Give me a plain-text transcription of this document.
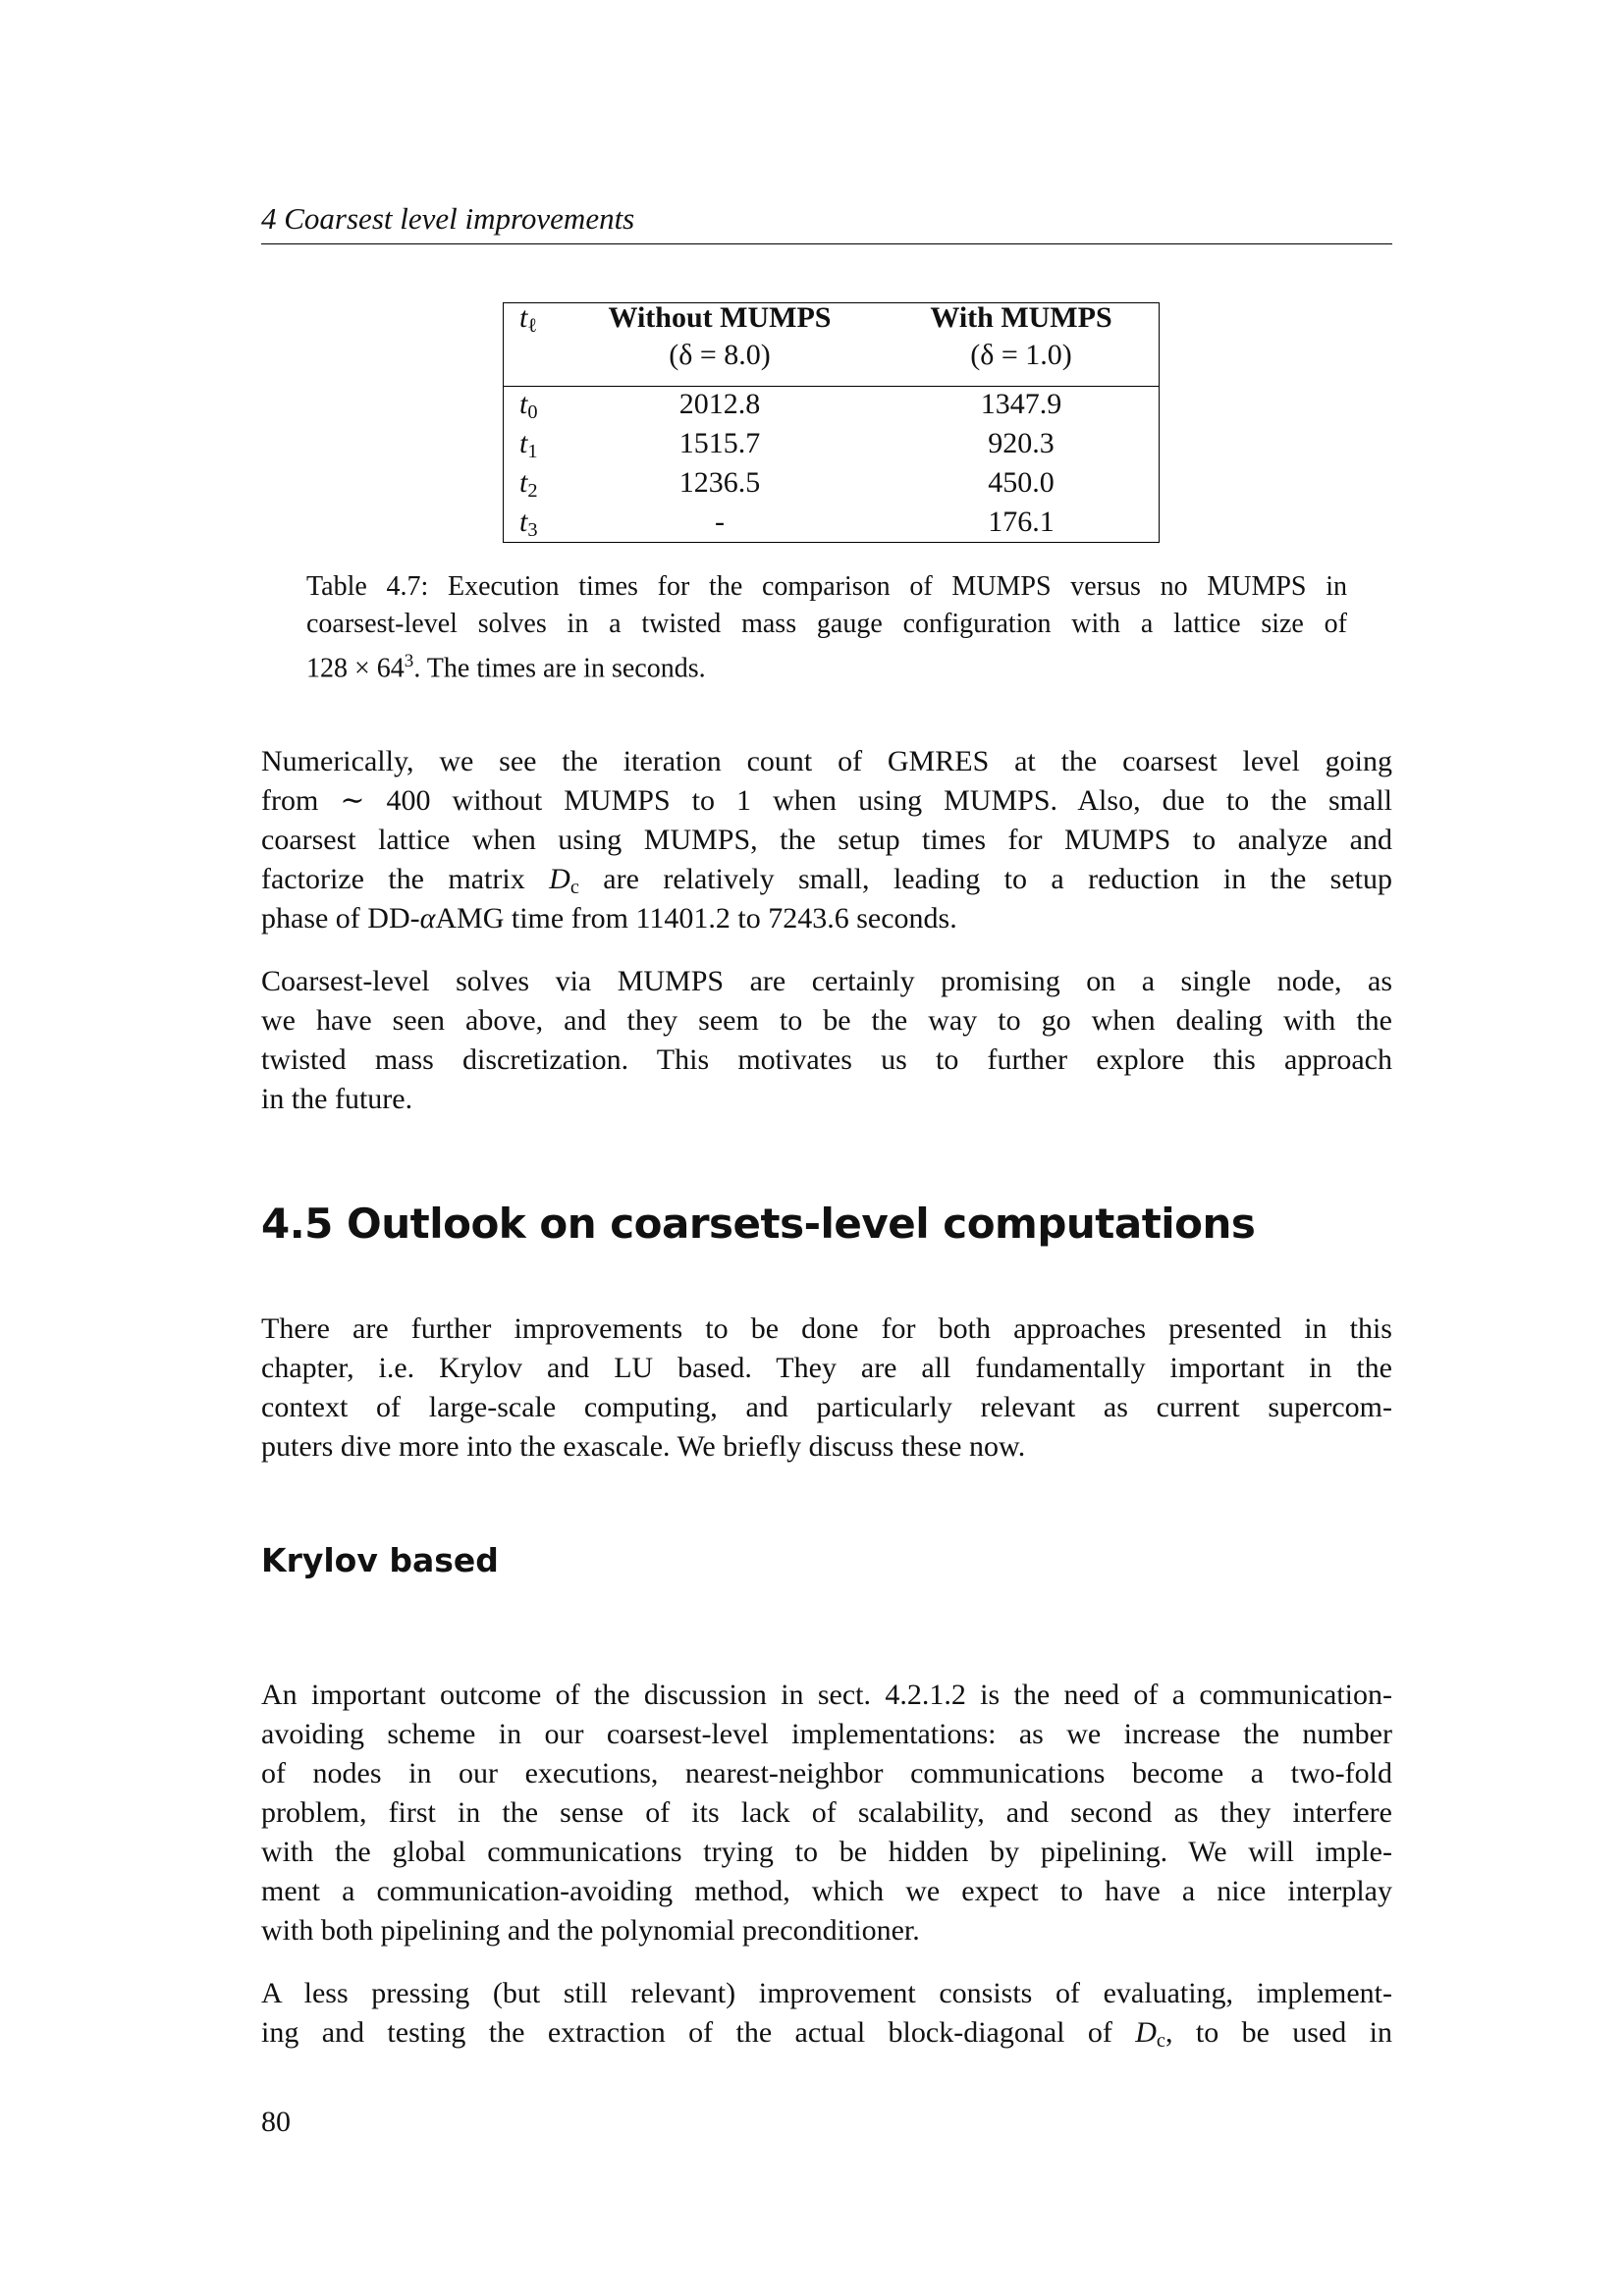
4 Coarsest level improvements
$t_\ell$	Without MUMPS	With MUMPS
(δ = 8.0)	(δ = 1.0)
$t_0$	2012.8	1347.9
$t_1$	1515.7	920.3
$t_2$	1236.5	450.0
$t_3$	-	176.1
Table 4.7: Execution times for the comparison of MUMPS versus no MUMPS in
coarsest-level solves in a twisted mass gauge configuration with a lattice size of
$128 \times 64^3$. The times are in seconds.
Numerically, we see the iteration count of GMRES at the coarsest level going
from ∼ 400 without MUMPS to 1 when using MUMPS. Also, due to the small
coarsest lattice when using MUMPS, the setup times for MUMPS to analyze and
factorize the matrix $D_c$ are relatively small, leading to a reduction in the setup
phase of DD-αAMG time from 11401.2 to 7243.6 seconds.
Coarsest-level solves via MUMPS are certainly promising on a single node, as
we have seen above, and they seem to be the way to go when dealing with the
twisted mass discretization. This motivates us to further explore this approach
in the future.
4.5 Outlook on coarsets-level computations
There are further improvements to be done for both approaches presented in this
chapter, i.e. Krylov and LU based. They are all fundamentally important in the
context of large-scale computing, and particularly relevant as current supercom-
puters dive more into the exascale. We briefly discuss these now.
Krylov based
An important outcome of the discussion in sect. 4.2.1.2 is the need of a communication-
avoiding scheme in our coarsest-level implementations: as we increase the number
of nodes in our executions, nearest-neighbor communications become a two-fold
problem, first in the sense of its lack of scalability, and second as they interfere
with the global communications trying to be hidden by pipelining. We will imple-
ment a communication-avoiding method, which we expect to have a nice interplay
with both pipelining and the polynomial preconditioner.
A less pressing (but still relevant) improvement consists of evaluating, implement-
ing and testing the extraction of the actual block-diagonal of $D_c$, to be used in
80
